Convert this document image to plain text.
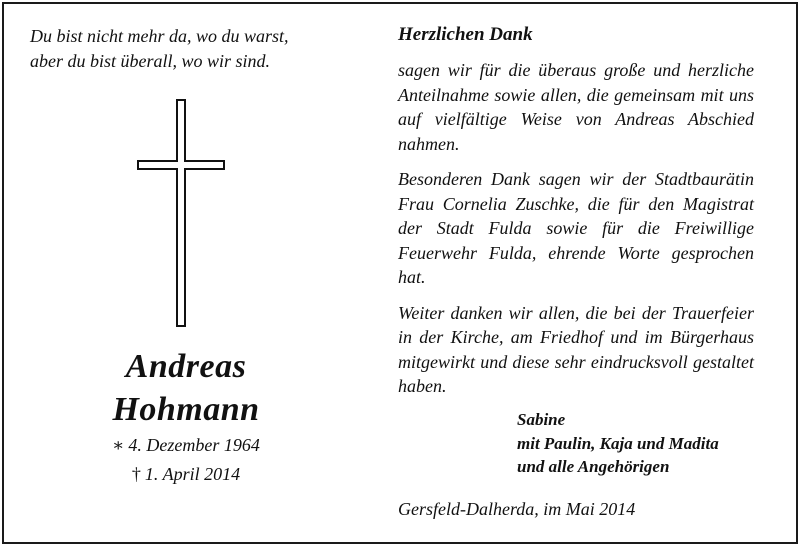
Du bist nicht mehr da, wo du warst,

aber du bist überall, wo wir sind.

Andreas
Hohmann
∗ 4. Dezember 1964
† 1. April 2014

Herzlichen Dank

sagen wir für die überaus große und herzliche Anteilnahme sowie allen, die gemeinsam mit uns auf vielfältige Weise von Andreas Abschied nahmen.

Besonderen Dank sagen wir der Stadtbaurätin Frau Cornelia Zuschke, die für den Magistrat der Stadt Fulda sowie für die Freiwillige Feuerwehr Fulda, ehrende Worte gesprochen hat.

Weiter danken wir allen, die bei der Trauerfeier in der Kirche, am Friedhof und im Bürgerhaus mitgewirkt und diese sehr eindrucksvoll gestaltet haben.

Sabine
mit Paulin, Kaja und Madita
und alle Angehörigen
Gersfeld-Dalherda, im Mai 2014
